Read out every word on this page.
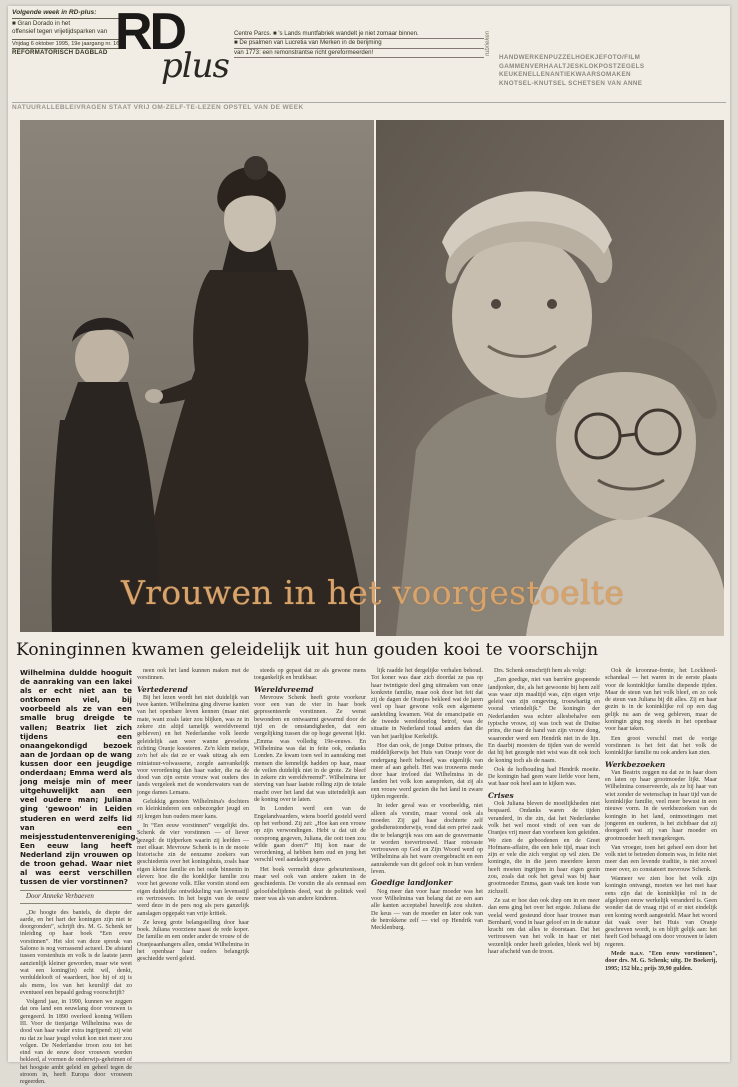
Volgende week in RD-plus:
■ Gran Dorado in het
offensief tegen vrijetijdsparken van
Vrijdag 6 oktober 1995, 19e jaargang nr. 160
REFORMATORISCH DAGBLAD RD
plus
Centre Parcs. ■ 's Lands muntfabriek wandelt je niet zomaar binnen.
■ De psalmen van Lucretia van Merken in de berijming
van 1773: een remonstrantse richt gereformeerden!	rubrieken
HANDWERKENPUZZELHOEKJEFOTO/FILM
GAMMENVERHAALTJESKLOKPOSTZEGELS
KEUKENELLENANTIEKWAARSOMAKEN
KNOTSEL-KNUTSEL SCHETSEN VAN ANNE
NATUURALLEBLEIVRAGEN STAAT VRIJ OM-ZELF-TE-LEZEN OPSTEL VAN DE WEEK
Vrouwen in het voorgestoelte
Koninginnen kwamen geleidelijk uit hun gouden kooi te voorschijn

Wilhelmina duldde hooguit de aanraking van een lakei als er echt niet aan te ontkomen viel, bij voorbeeld als ze van een smalle brug dreigde te vallen; Beatrix liet zich tijdens een onaangekondigd bezoek aan de Jordaan op de wang kussen door een jeugdige onderdaan; Emma werd als jong meisje min of meer uitgehuwelijkt aan een veel oudere man; Juliana ging 'gewoon' in Leiden studeren en werd zelfs lid van een meisjesstudentenvereniging. Een eeuw lang heeft Nederland zijn vrouwen op de troon gehad. Waar niet al was eerst verschillen tussen de vier vorstinnen?

Door Anneke Verbaeven

„De hoogte des bantels, de diepte der aarde, en het hart der koningen zijn niet te doorgronden”, schrijft drs. M. G. Schenk ter inleiding op haar boek “Een eeuw vorstinnen”. Het slot van deze spreuk van Salomo is nog verrassend actueel. De afstand tussen vorstenhuis en volk is de laatste jaren aanzienlijk kleiner geworden, maar wie weet wat een koning(in) echt wil, denkt, verduldelooft of waardeert, hoe hij of zij is als mens, los van het keurslijf dat zo eventueel een bepaald gedrag voorschrijft?

Volgend jaar, in 1990, kunnen we zeggen dat ons land een eeuwlang door vrouwen is geregeerd. In 1890 overleed koning Willem III. Voor de tienjarige Wilhelmina was de dood van haar vader extra ingrijpend: zij wist nu dat ze haar jeugd voluit kon niet meer zou volgen. De Nederlandse troon zou tot het eind van de eeuw door vrouwen worden bekleed, al vormen de onderwijs-geheimen of het hoogste ambt geleid en geheel tegen de stroom in, heeft Europa door vrouwen regeerden.

neen ook het land kunnen maken met de vorstinnen.

Vertederend

Bij het lezen wordt het niet duidelijk van twee kanten. Wilhelmina ging diverse kanten van het openbare leven kennen (maar niet mate, want zoals later zou blijken, was ze in zekere zin altijd tamelijk wereldvreemd gebleven) en het Nederlandse volk leerde geleidelijk aan weer wanne gevoelens richting Oranje koesteren. Ze'n klein meisje, zo'n hef als dat ze er vaak uitzag als een miniatuur-volwassene, zorgde aanvankelijk voor verordening dan haar vader, die na de dood van zijn eerste vrouw wat ouders des lands vergeleek met de wonderwaters van de jonge dames Lemans.

Gelukkig genoten Wilhelmina's dochters en kleinkinderen een onbezorgder jeugd en zij kregen hun ouders meer kans.

In “Een eeuw vorstinnen” vergelijkt drs. Schenk de vier vorstinnen — of liever gezegd: de tijdperken waarin zij leefden — met elkaar. Mevrouw Schenk is in de mooie historische zin de eenzame zoekers van geschiedenis over het koningshuis, zoals haar eigen kleine familie en het oude binnenin in eleven: hoe die die konklijke familie zou voor het gewone volk. Elke vorstin stond een eigen duidelijke ontwikkeling van levensstijl en vertrouwen. In het begin van de eeuw werd deze in de pers nog als pers ganzelijk aanslagen opgepakt van vrije kritiek.

Ze kreeg grote belangstelling door haar boek. Juliana voorziene naast de rede koper. De familie en een onder ander de vrouw of de Oranjeaanhangers allen, omdat Wilhelmina in het openbaar haar ouders belangrijk geschiedde werd geleid.

steeds op gepast dat ze als gewone mens toegankelijk en bruikbaar.

Wereldvreemd

Mevrouw Schenk heeft grote voorkeur voor een van de vier in haar boek gepresenteerde vorstinnen. Ze wenst bewondren en ontwaarmt gewarmd door de tijd en de omstandigheden, dat een vergelijking tussen die op hoge gewenst lijkt. „Emma was volledig 19e-eeuws. En Wilhelmina was dat in feite ook, ondanks Londen. Ze kwam toen wel in aanraking met mensen die kennelijk hadden op haar, maar de veilen duidelijk niet in de grote. Ze bleef in zekere zin wereldvreemd”. Wilhelmina ter sterving van haar laatste rolling zijn de totale macht over het land dat was uiteindelijk aan de koning over te laten.

In Londen werd een van de Engelandvaarders, wiens boerld gesteld werd op het verbond. Zij zei: „Hoe kan een vrouw op zijn verwondingen. Hebt u dat uit de oorsprong gegeven, Juliana, die ooit toen zou wilde gaan doen?” Hij kon naar de verordening, al hebben hem oud en jong het verschil veel aandacht gegeven.

Het boek vermeldt deze gebeurtenissen, maar wel ook van andere zaken in de geschiedenis. De vorstin die als eenmaal een geloofsbelijdenis deed, wat de politiek veel meer was als van andere kinderen.

lijk raadde het dergelijke verhalen behoud. Tot koner was daar zich doordat ze pas op haar twintigste deel ging uitmaken van onze konkrete familie, maar ook door het feit dat zij de dagen de Oranjes bekleed wat de jaren veel op haar gewone volk een algemene aanleiding kwamen. Wat de emancipatie en de tweede wereldoorlog betrof, was de situatie in Nederland totaal anders dan die van het jaarlijkse Kerkelijk.

Hoe dan ook, de jonge Duitse prinses, die middelijkerwijs het Huis van Oranje voor de ondergang heeft behoed, was eigenlijk van meer af aan gehelt. Het was trouwens mede door haar invloed dat Wilhelmina in de landen het volk kon aanspreken, dat zij als een vrouw werd gezien die het land in zware tijden regeerde.

In ieder geval was er voorbeeldig, niet alleen als vorstin, maar vooral ook als moeder. Zij gaf haar dochterte zelf godsdienstonderwijs, vond dat een privé zaak die te belangrijk was om aan de gouvernante te worden toevertrouwd. Haar rotsvaste vertrouwen op God en Zijn Woord werd op Wilhelmina als het ware overgebracht en een aanrakende van dit geloof ook in hun verdere leven.

Goedige landjonker

Nog meer dan voor haar moeder was het voor Wilhelmina van belang dat ze een aan alle kanten acceptabel huwelijk zou sluiten. De keus — van de moeder en later ook van de betrokkene zelf — viel op Hendrik van Mecklenburg.

Drs. Schenk omschrijft hem als volgt:

„Een goedige, niet van barrière gespeende landjonker, die, als het gewoonte bij hem zelf was waar zijn maaltijd was, zijn eigen vrije geleid van zijn omgeving, trouwhartig en vooral vriendelijk.” De koningin der Nederlanden was echter allesbehalve een typische vrouw, zij was toch wat de Duitse prins, die naar de hand van zijn vrouw dong, waaronder werd een Hendrik niet in de lijn. En daarbij moesten de tijden van de wereld dat hij het gezegde niet wist was dit ook toch de koning toch als de naam.

Ook de hofhouding had Hendrik moeite. De koningin had geen ware liefde voor hem, wat haar ook heel aan te kijken was.

Crises

Ook Juliana bleven de moeilijkheden niet bespaard. Ondanks waren de tijden veranderd, in die zin, dat het Nederlandse volk het wel mooi vindt of een van de Oranjes vrij meer dan voorheen kon geleiden. We zien de geboodenen en de Greet Hofmans-affaire, die een hele tijd, maar toch zijn er vele die zich vergist op wil zien. De koningin, die in die jaren meerdere keren heeft moeten ingrijpen in haar eigen gezin zou, zoals dat ook het geval was bij haar grootmoeder Emma, gaan vaak ten koste van zichzelf.

Ze zat er hoe dan ook diep om in en meer dan eens ging het over het ergste. Juliana die veelal werd gesteund door haar trouwe man Bernhard, vond in haar geloof en in de natuur kracht om dat alles te doorstaan. Dat het vertrouwen van het volk in haar er niet wezenlijk onder heeft geleden, bleek wel bij haar afscheid van de troon.

Ook de kroonrae-frente, het Lockheed-schandaal — het waren in de eerste plaats voor de koninklijke familie diepende tijden. Maar de steun van het volk bleef, en zo ook de steun van Juliana bij dit alles. Zij en haar gezin is in de koninklijke rol op een dag gelijk nu aan de weg gebleven, maar de koningin ging nog steeds in het openbaar voor haar taken.

Een groot verschil met de vorige vorstinnen is het feit dat het volk de koninklijke familie nu ook anders kan zien.

Werkbezoeken

Van Beatrix zeggen nu dat ze in haar doen en laten op haar grootmoeder lijkt. Maar Wilhelmina conserveerde, als ze bij haar van wiet zonder de wetenschap in haar tijd van de koninklijke familie, veel meer bewust in een nieuwe vorm. In de werkbezoeken van de koningin in het land, ontmoetingen met jongeren en ouderen, is het zichtbaar dat zij doorgeeft wat zij van haar moeder en grootmoeder heeft meegekregen.

Van vroeger, toen het geheel een door het volk niet te betreden domein was, in feite niet meer dan een levende traditie, is niet zoveel meer over, zo constateert mevrouw Schenk.

Wanneer we zien hoe het volk zijn koningin ontvangt, moeten we het met haar eens zijn dat de koninklijke rol in de afgelopen eeuw werkelijk veranderd is. Geen wonder dat de vraag rijst of er niet eindelijk een koning wordt aangesteld. Maar het woord dat vaak over het Huis van Oranje geschreven wordt, is en blijft gelijk aan: het heeft God behaagd ons door vrouwen te laten regeren.

Mede n.a.v. "Een eeuw vorstinnen", door drs. M. G. Schenk; uitg. De Boekerij, 1995; 152 blz.; prijs 39,90 gulden.
